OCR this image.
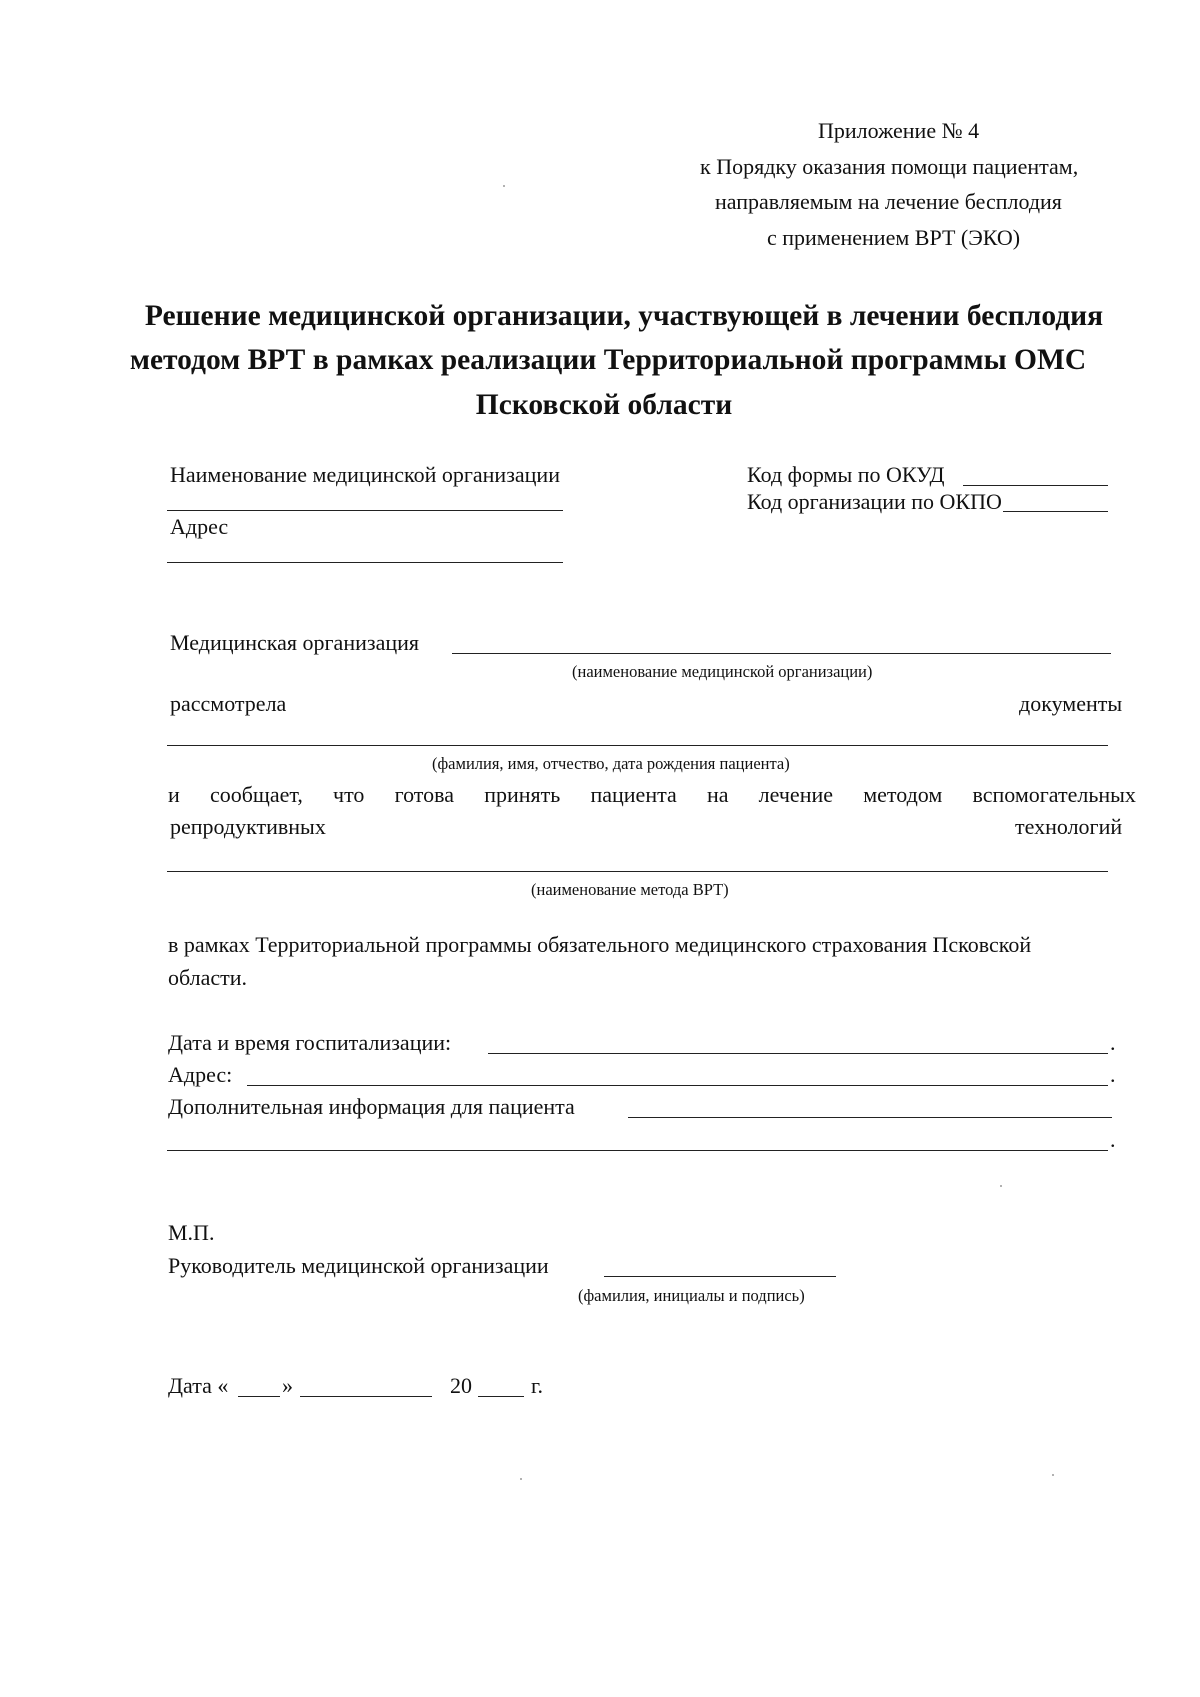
Приложение № 4
к Порядку оказания помощи пациентам,
направляемым на лечение бесплодия
с применением ВРТ (ЭКО)
Решение медицинской организации, участвующей в лечении бесплодия
методом ВРТ в рамках реализации Территориальной программы ОМС
Псковской области
Наименование медицинской организации
Адрес
Код формы по ОКУД
Код организации по ОКПО
Медицинская организация
(наименование медицинской организации)
рассмотрела	документы
(фамилия, имя, отчество, дата рождения пациента)
и сообщает, что готова принять пациента на лечение методом вспомогательных
репродуктивных	технологий
(наименование метода ВРТ)
в рамках Территориальной программы обязательного медицинского страхования Псковской
области.
Дата и время госпитализации:	.
Адрес:	.
Дополнительная информация для пациента
.
М.П.
Руководитель медицинской организации
(фамилия, инициалы и подпись)
Дата « »	20	г.
